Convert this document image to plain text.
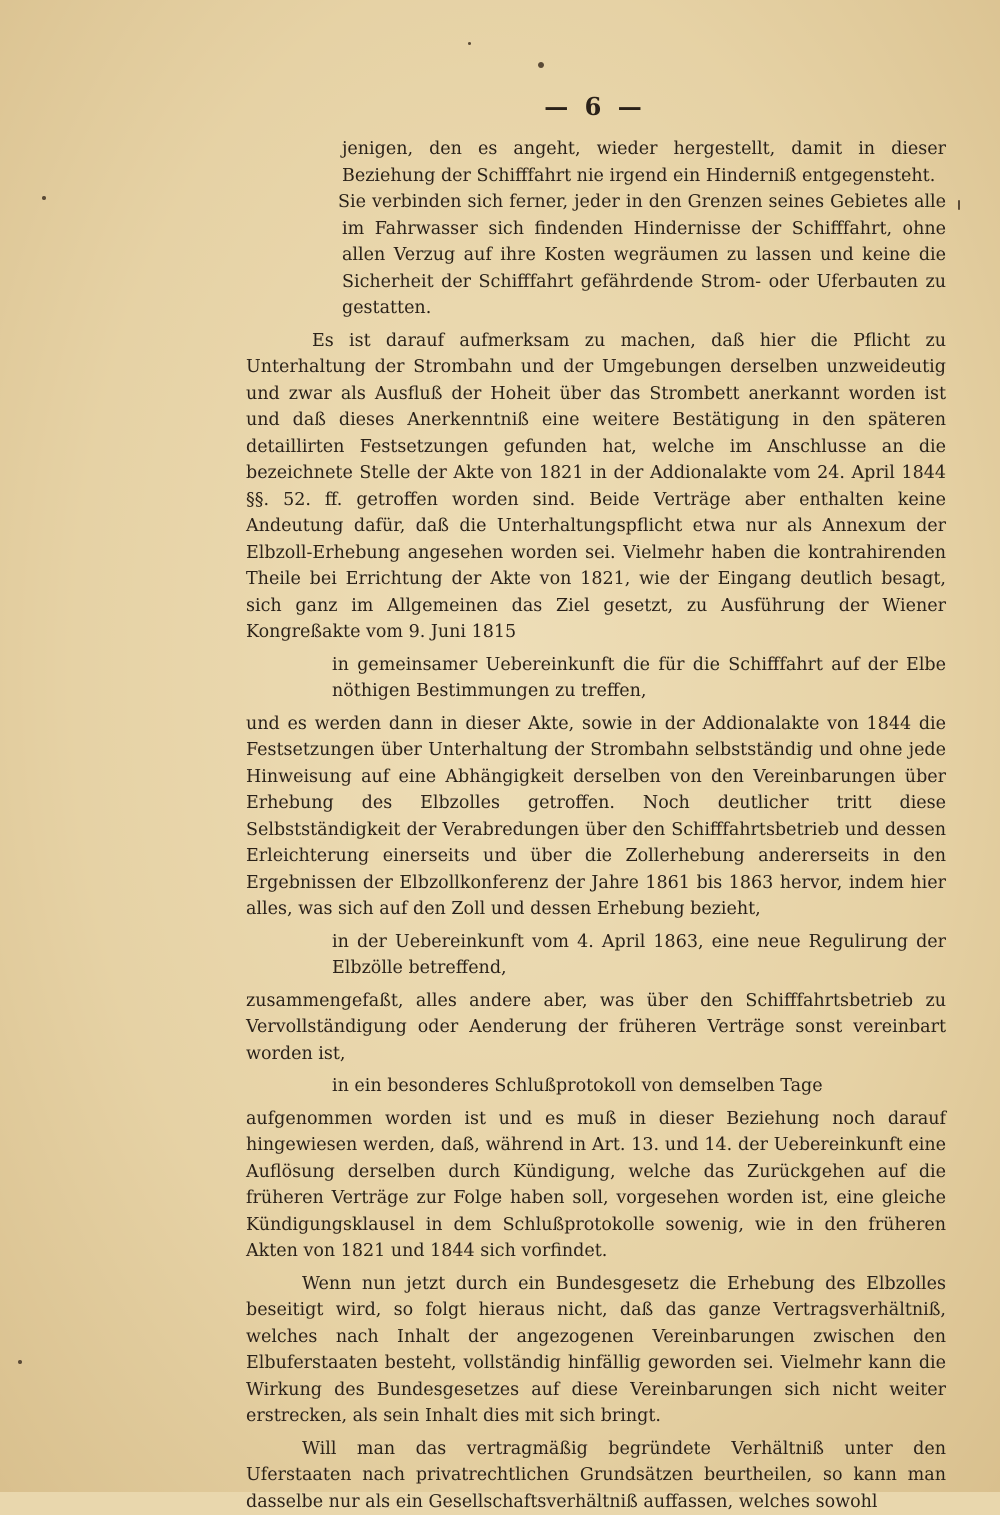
— 6 —

jenigen, den es angeht, wieder hergestellt, damit in dieser Beziehung der Schifffahrt nie irgend ein Hinderniß entgegensteht.

Sie verbinden sich ferner, jeder in den Grenzen seines Gebietes alle im Fahrwasser sich findenden Hindernisse der Schifffahrt, ohne allen Verzug auf ihre Kosten wegräumen zu lassen und keine die Sicherheit der Schifffahrt gefährdende Strom- oder Uferbauten zu gestatten.

Es ist darauf aufmerksam zu machen, daß hier die Pflicht zu Unterhaltung der Strombahn und der Umgebungen derselben unzweideutig und zwar als Ausfluß der Hoheit über das Strombett anerkannt worden ist und daß dieses Anerkenntniß eine weitere Bestätigung in den späteren detaillirten Festsetzungen gefunden hat, welche im Anschlusse an die bezeichnete Stelle der Akte von 1821 in der Addionalakte vom 24. April 1844 §§. 52. ff. getroffen worden sind. Beide Verträge aber enthalten keine Andeutung dafür, daß die Unterhaltungspflicht etwa nur als Annexum der Elbzoll-Erhebung angesehen worden sei. Vielmehr haben die kontrahirenden Theile bei Errichtung der Akte von 1821, wie der Eingang deutlich besagt, sich ganz im Allgemeinen das Ziel gesetzt, zu Ausführung der Wiener Kongreßakte vom 9. Juni 1815

in gemeinsamer Uebereinkunft die für die Schifffahrt auf der Elbe nöthigen Bestimmungen zu treffen,

und es werden dann in dieser Akte, sowie in der Addionalakte von 1844 die Festsetzungen über Unterhaltung der Strombahn selbstständig und ohne jede Hinweisung auf eine Abhängigkeit derselben von den Vereinbarungen über Erhebung des Elbzolles getroffen. Noch deutlicher tritt diese Selbstständigkeit der Verabredungen über den Schifffahrtsbetrieb und dessen Erleichterung einerseits und über die Zollerhebung andererseits in den Ergebnissen der Elbzollkonferenz der Jahre 1861 bis 1863 hervor, indem hier alles, was sich auf den Zoll und dessen Erhebung bezieht,

in der Uebereinkunft vom 4. April 1863, eine neue Regulirung der Elbzölle betreffend,

zusammengefaßt, alles andere aber, was über den Schifffahrtsbetrieb zu Vervollständigung oder Aenderung der früheren Verträge sonst vereinbart worden ist,

in ein besonderes Schlußprotokoll von demselben Tage

aufgenommen worden ist und es muß in dieser Beziehung noch darauf hingewiesen werden, daß, während in Art. 13. und 14. der Uebereinkunft eine Auflösung derselben durch Kündigung, welche das Zurückgehen auf die früheren Verträge zur Folge haben soll, vorgesehen worden ist, eine gleiche Kündigungsklausel in dem Schlußprotokolle sowenig, wie in den früheren Akten von 1821 und 1844 sich vorfindet.

Wenn nun jetzt durch ein Bundesgesetz die Erhebung des Elbzolles beseitigt wird, so folgt hieraus nicht, daß das ganze Vertragsverhältniß, welches nach Inhalt der angezogenen Vereinbarungen zwischen den Elbuferstaaten besteht, vollständig hinfällig geworden sei. Vielmehr kann die Wirkung des Bundesgesetzes auf diese Vereinbarungen sich nicht weiter erstrecken, als sein Inhalt dies mit sich bringt.

Will man das vertragmäßig begründete Verhältniß unter den Uferstaaten nach privatrechtlichen Grundsätzen beurtheilen, so kann man dasselbe nur als ein Gesellschaftsverhältniß auffassen, welches sowohl
